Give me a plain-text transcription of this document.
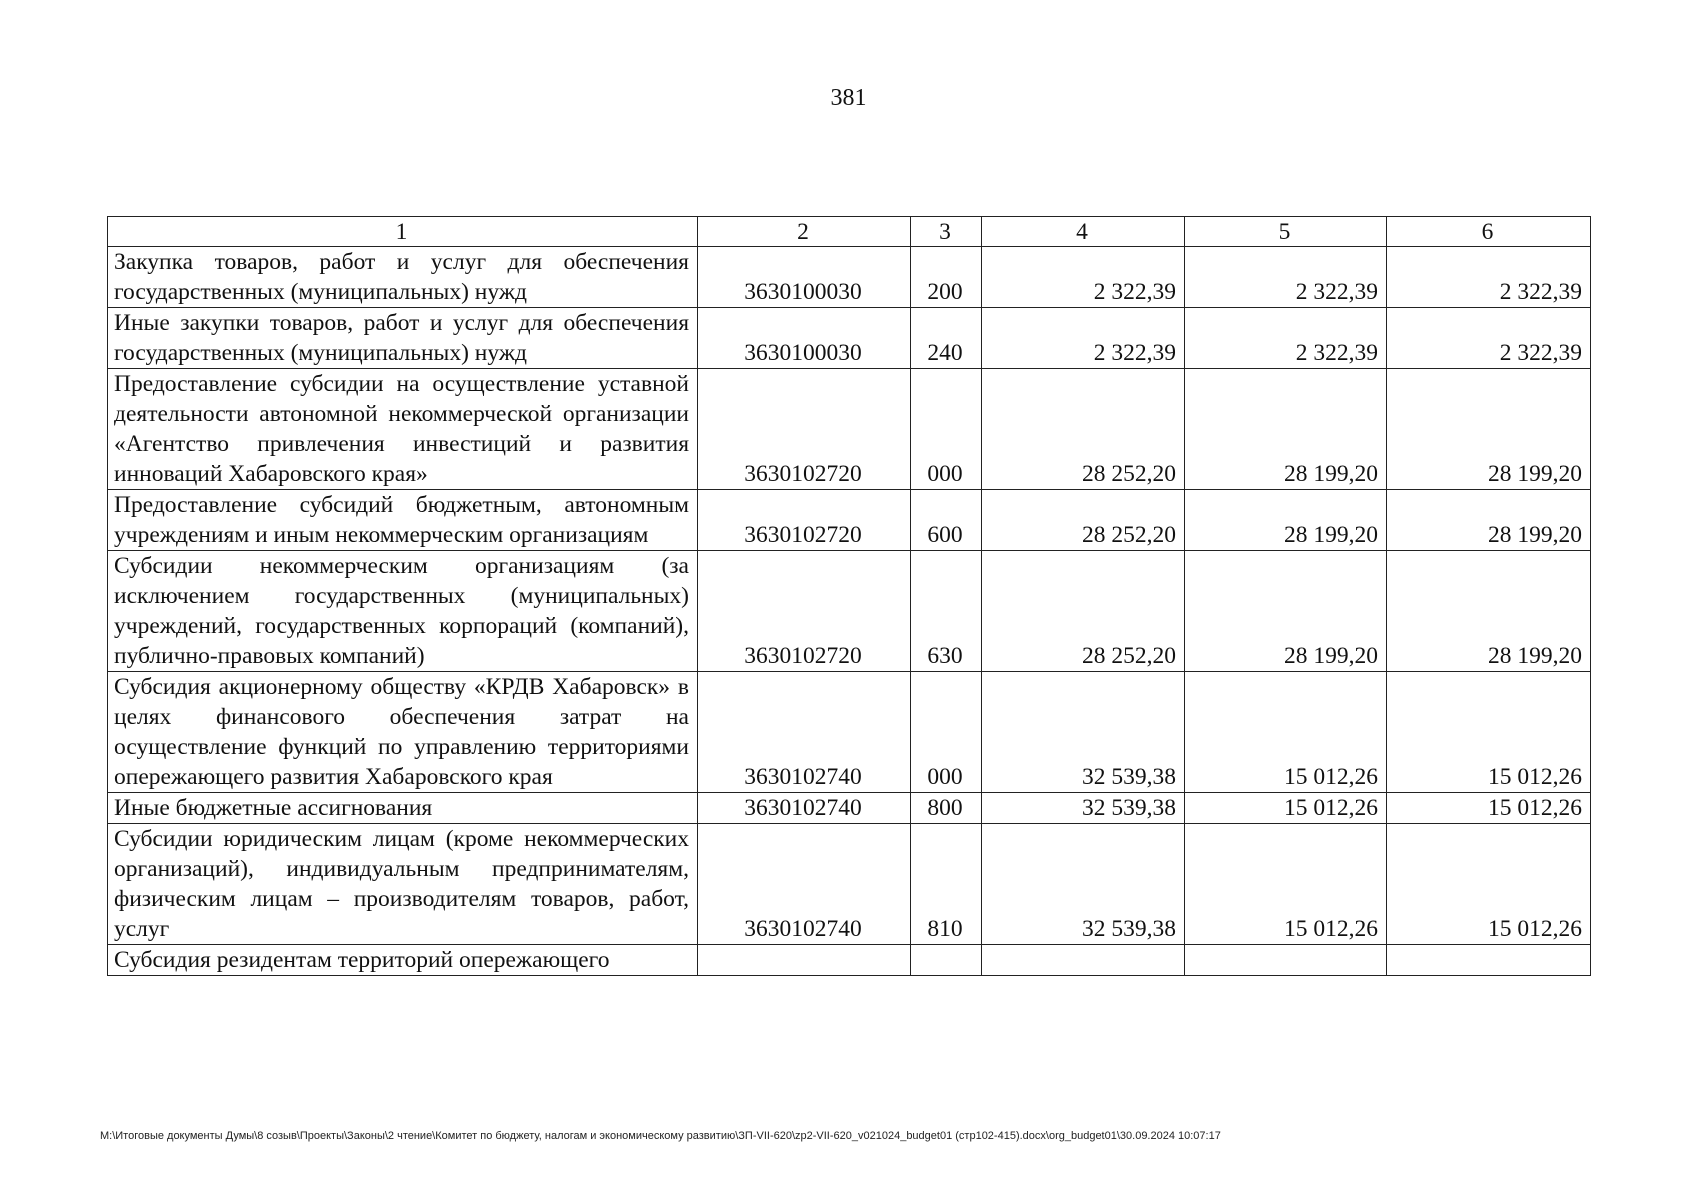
381
1	2	3	4	5	6
Закупка товаров, работ и услуг для обеспечения государственных (муниципальных) нужд	3630100030	200	2 322,39	2 322,39	2 322,39
Иные закупки товаров, работ и услуг для обеспечения государственных (муниципальных) нужд	3630100030	240	2 322,39	2 322,39	2 322,39
Предоставление субсидии на осуществление уставной деятельности автономной некоммерческой организации «Агентство привлечения инвестиций и развития инноваций Хабаровского края»	3630102720	000	28 252,20	28 199,20	28 199,20
Предоставление субсидий бюджетным, автономным учреждениям и иным некоммерческим организациям	3630102720	600	28 252,20	28 199,20	28 199,20
Субсидии некоммерческим организациям (за исключением государственных (муниципальных) учреждений, государственных корпораций (компаний), публично-правовых компаний)	3630102720	630	28 252,20	28 199,20	28 199,20
Субсидия акционерному обществу «КРДВ Хабаровск» в целях финансового обеспечения затрат на осуществление функций по управлению территориями опережающего развития Хабаровского края	3630102740	000	32 539,38	15 012,26	15 012,26
Иные бюджетные ассигнования	3630102740	800	32 539,38	15 012,26	15 012,26
Субсидии юридическим лицам (кроме некоммерческих организаций), индивидуальным предпринимателям, физическим лицам – производителям товаров, работ, услуг	3630102740	810	32 539,38	15 012,26	15 012,26
Субсидия резидентам территорий опережающего					
M:\Итоговые документы Думы\8 созыв\Проекты\Законы\2 чтение\Комитет по бюджету, налогам и экономическому развитию\ЗП-VII-620\zp2-VII-620_v021024_budget01 (стр102-415).docx\org_budget01\30.09.2024 10:07:17
